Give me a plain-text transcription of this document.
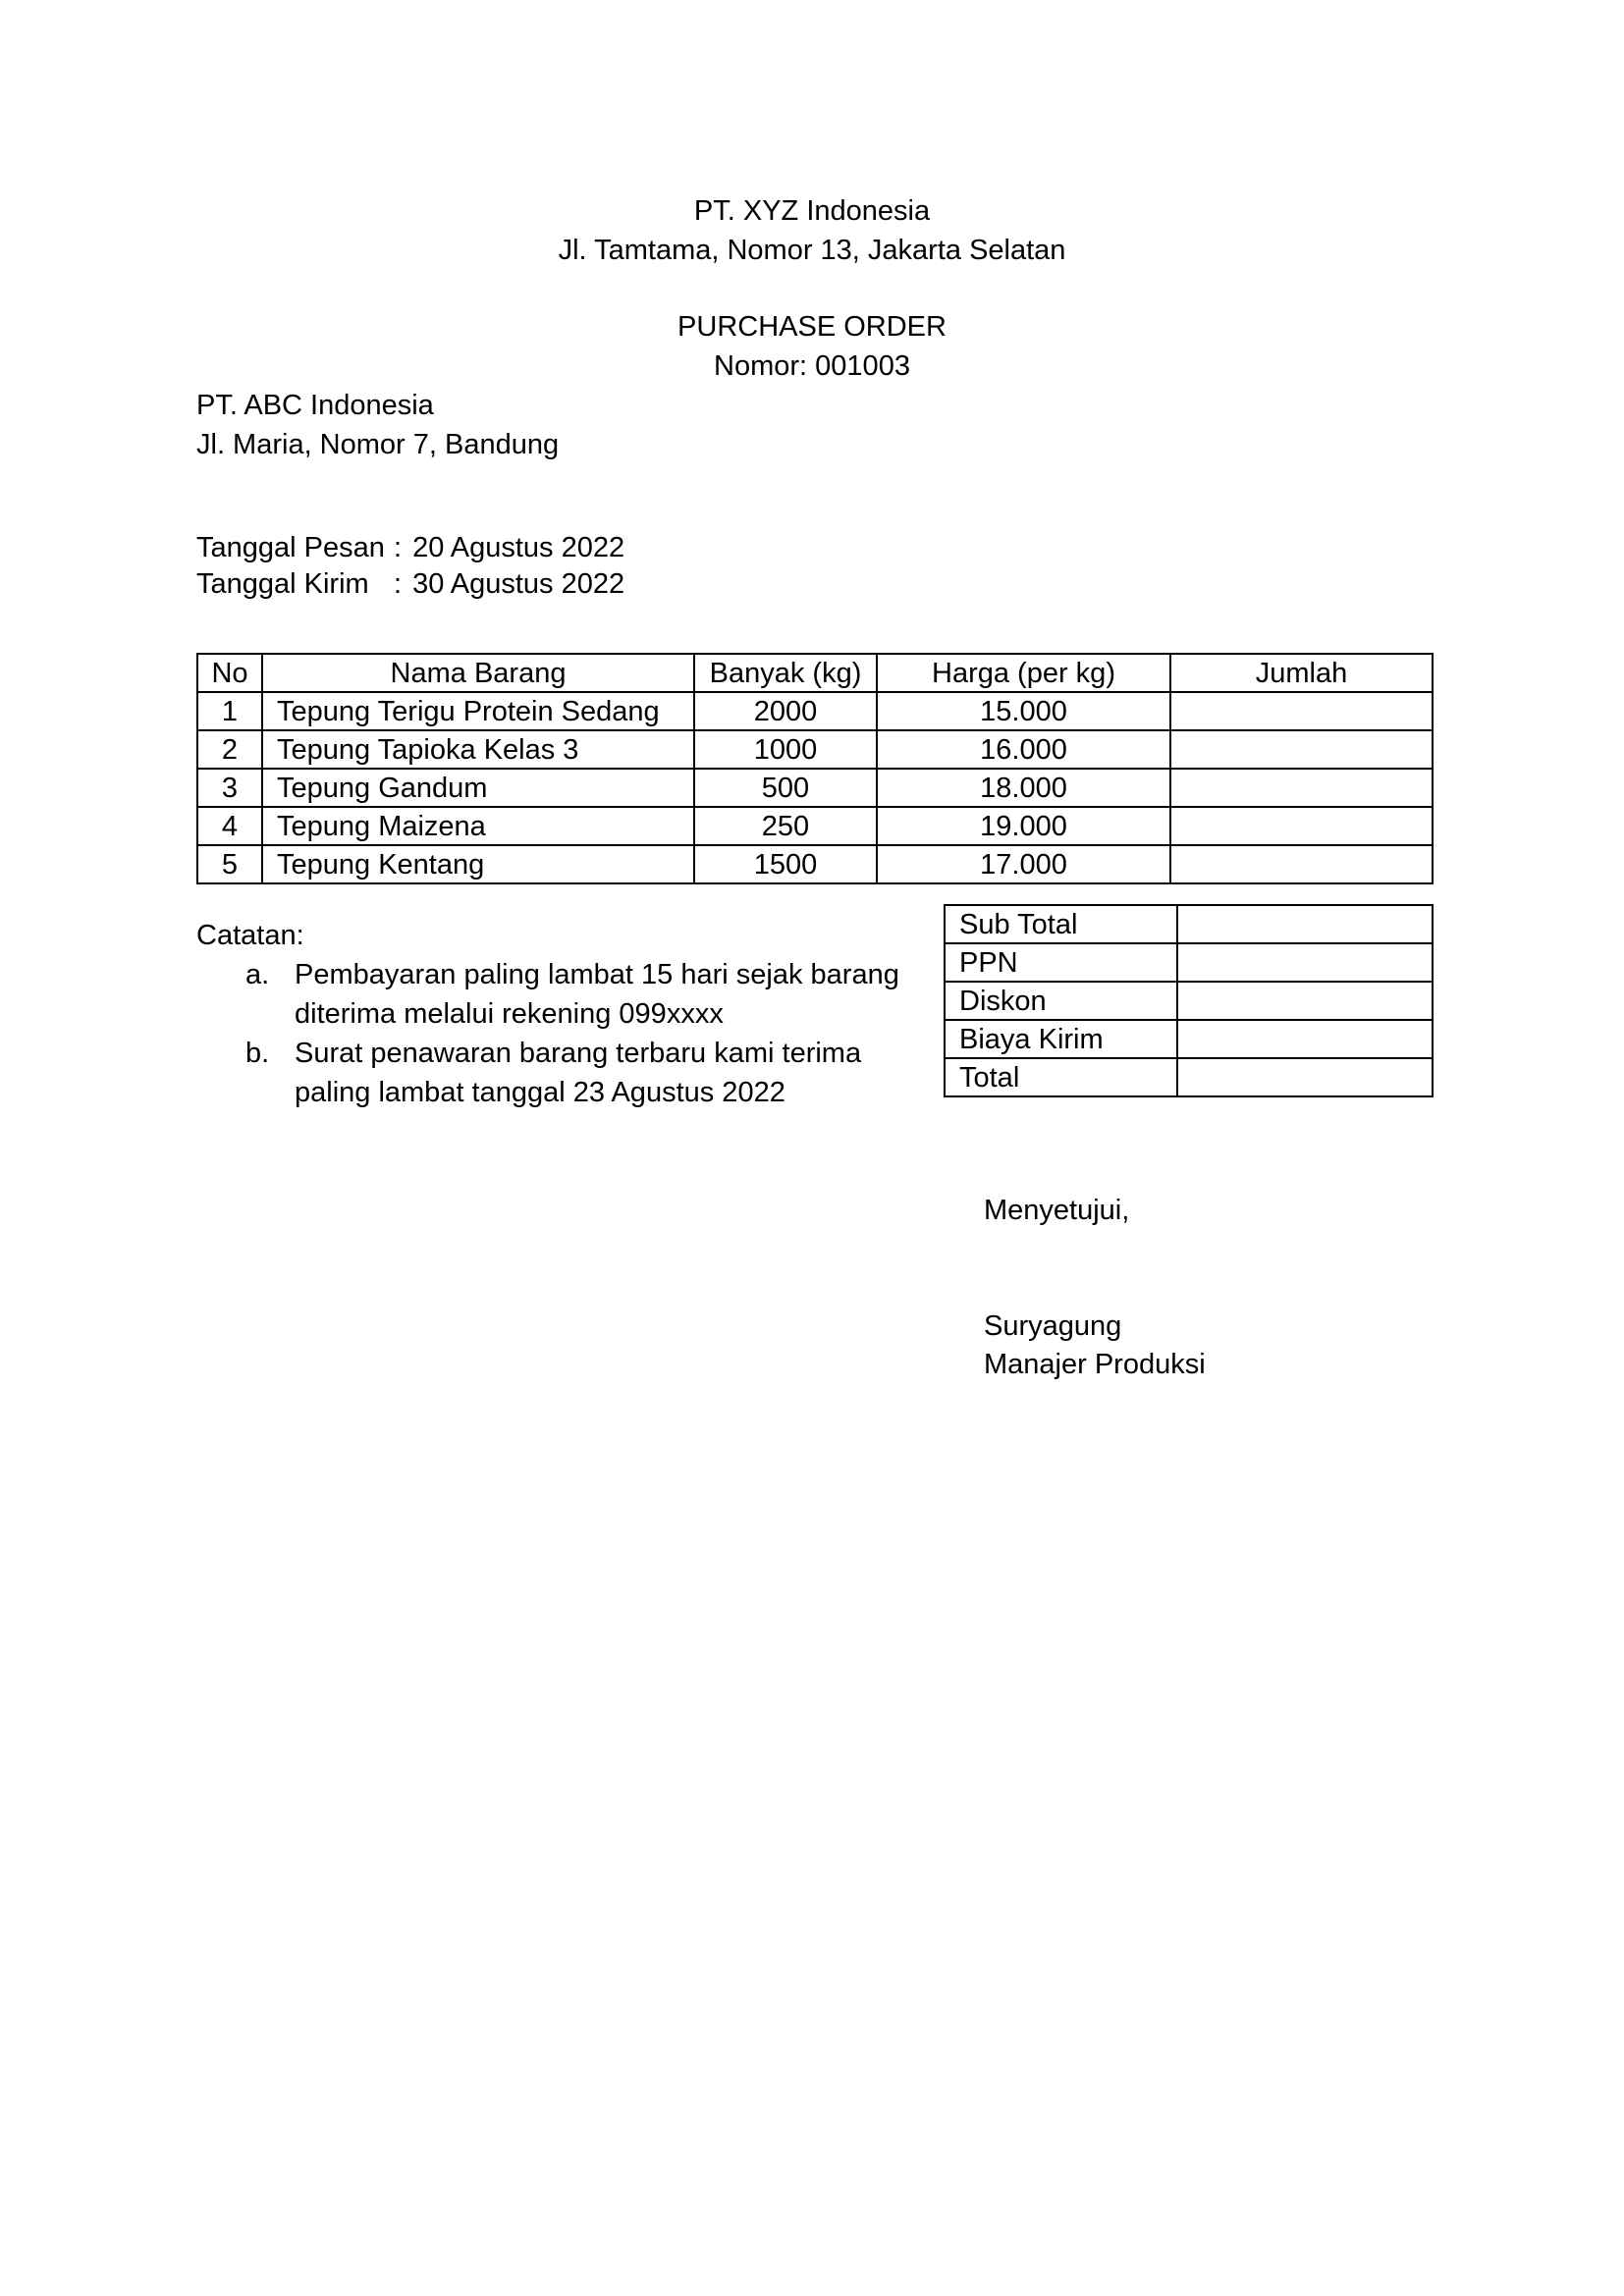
PT. XYZ Indonesia
Jl. Tamtama, Nomor 13, Jakarta Selatan
PURCHASE ORDER
Nomor: 001003
PT. ABC Indonesia
Jl. Maria, Nomor 7, Bandung
Tanggal Pesan : 20 Agustus 2022
Tanggal Kirim : 30 Agustus 2022
No	Nama Barang	Banyak (kg)	Harga (per kg)	Jumlah
1	Tepung Terigu Protein Sedang	2000	15.000	
2	Tepung Tapioka Kelas 3	1000	16.000	
3	Tepung Gandum	500	18.000	
4	Tepung Maizena	250	19.000	
5	Tepung Kentang	1500	17.000	
Catatan:
a. Pembayaran paling lambat 15 hari sejak barang
diterima melalui rekening 099xxxx
b. Surat penawaran barang terbaru kami terima
paling lambat tanggal 23 Agustus 2022
Sub Total	
PPN	
Diskon	
Biaya Kirim	
Total	
Menyetujui,
Suryagung
Manajer Produksi
